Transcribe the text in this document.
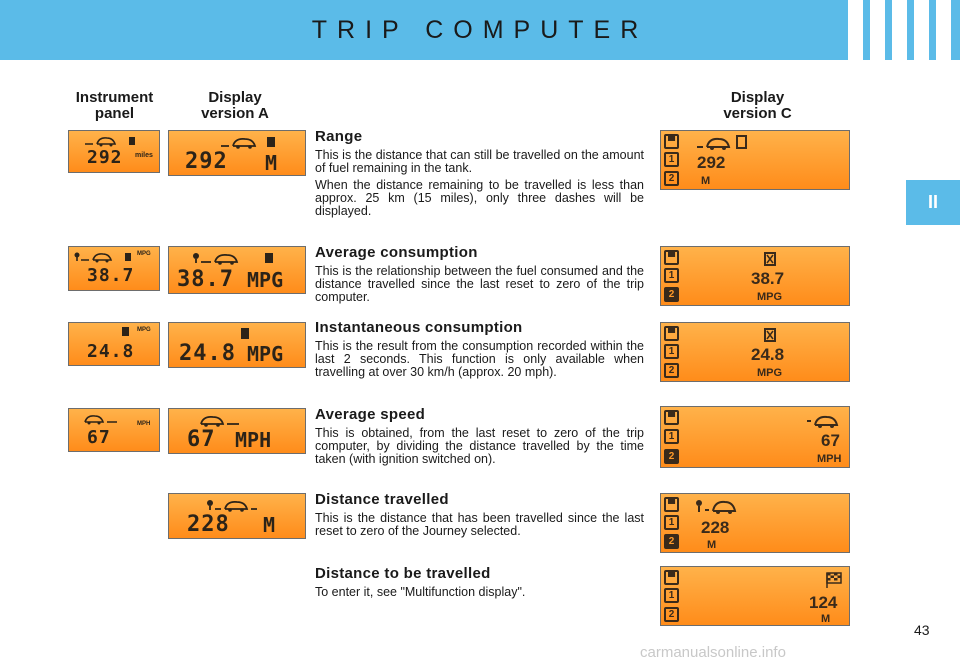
TRIP COMPUTER
II
Instrument
panel
Display
version A
Display
version C
292 miles
38.7
MPG
24.8
MPG
67
MPH
292 M
38.7 MPG
24.8 MPG
67 MPH
228 M
Range

This is the distance that can still be travelled on the amount of fuel remaining in the tank.

When the distance remaining to be travelled is less than approx. 25 km (15 miles), only three dashes will be displayed.

Average consumption

This is the relationship between the fuel consumed and the distance travelled since the last reset to zero of the trip computer.

Instantaneous consumption

This is the result from the consumption recorded within the last 2 seconds. This function is only available when travelling at over 30 km/h (approx. 20 mph).

Average speed

This is obtained, from the last reset to zero of the trip computer, by dividing the distance travelled by the time taken (with ignition switched on).

Distance travelled

This is the distance that has been travelled since the last reset to zero of the Journey selected.

Distance to be travelled

To enter it, see "Multifunction display".

▀
1
2
292
M
▀
1
2
38.7
MPG
▀
1
2
24.8
MPG
▀
1
2
67
MPH
▀
1
2
228
M
▀
1
2
124
M
43
carmanualsonline.info
